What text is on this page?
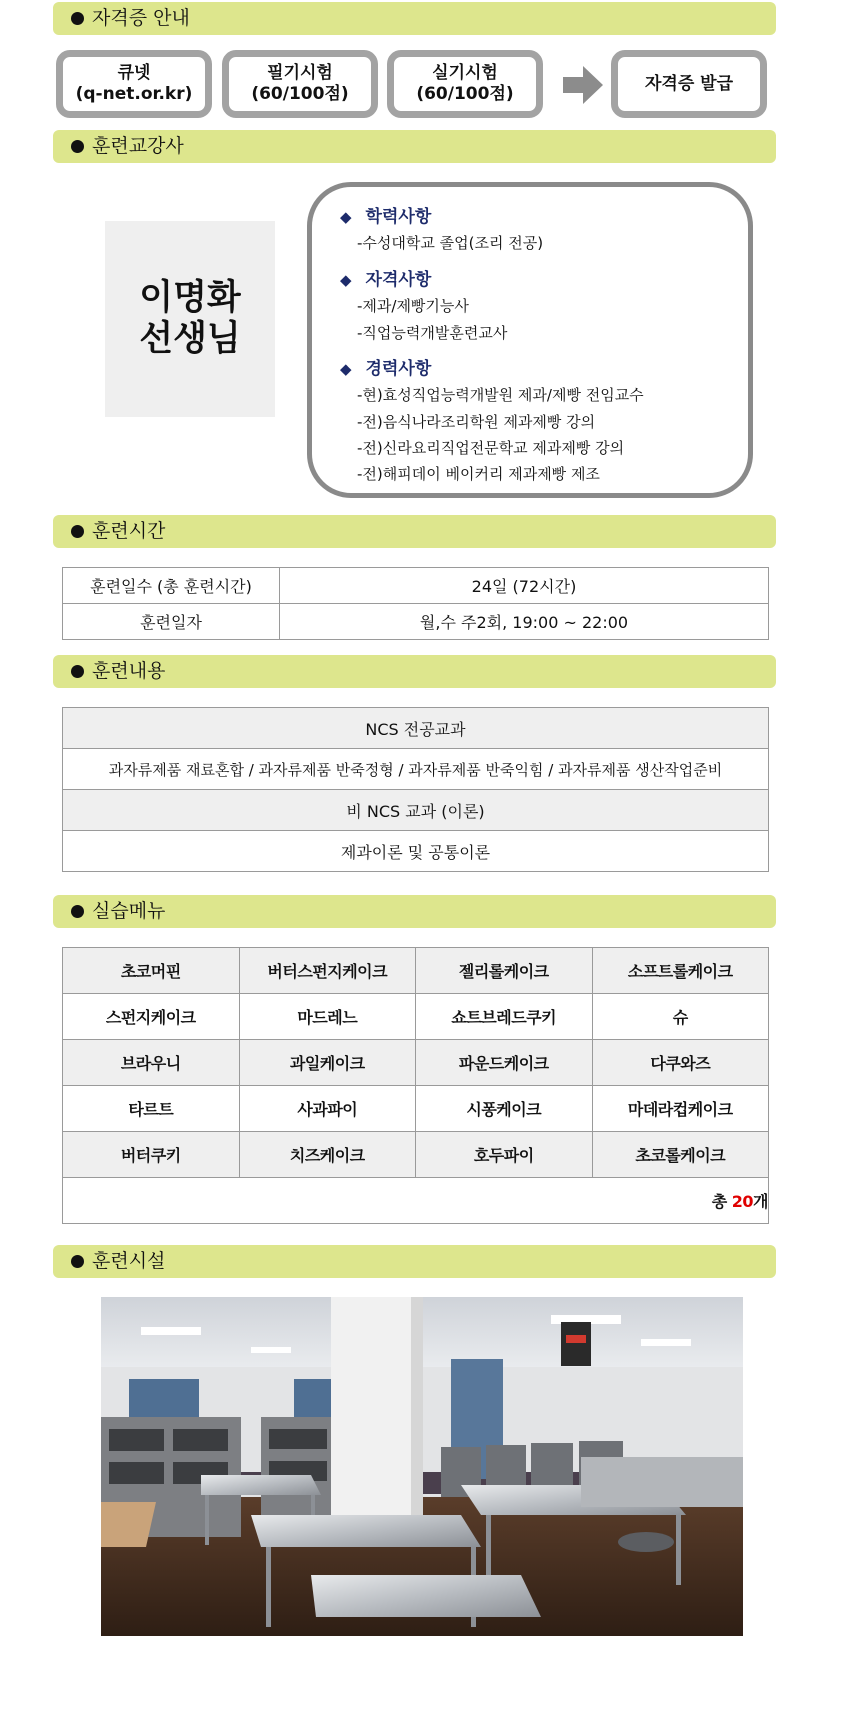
자격증 안내
큐넷
(q-net.or.kr)
필기시험
(60/100점)
실기시험
(60/100점)
자격증 발급
훈련교강사
이명화
선생님
◆ 학력사항
-수성대학교 졸업(조리 전공)
◆ 자격사항
-제과/제빵기능사
-직업능력개발훈련교사
◆ 경력사항
-현)효성직업능력개발원 제과/제빵 전임교수
-전)음식나라조리학원 제과제빵 강의
-전)신라요리직업전문학교 제과제빵 강의
-전)해피데이 베이커리 제과제빵 제조
훈련시간
훈련일수 (총 훈련시간)	24일 (72시간)
훈련일자	월,수 주2회, 19:00 ~ 22:00
훈련내용
NCS 전공교과
과자류제품 재료혼합 / 과자류제품 반죽정형 / 과자류제품 반죽익힘 / 과자류제품 생산작업준비
비 NCS 교과 (이론)
제과이론 및 공통이론
실습메뉴
초코머핀	버터스펀지케이크	젤리롤케이크	소프트롤케이크
스펀지케이크	마드레느	쇼트브레드쿠키	슈
브라우니	과일케이크	파운드케이크	다쿠와즈
타르트	사과파이	시퐁케이크	마데라컵케이크
버터쿠키	치즈케이크	호두파이	초코롤케이크
총 20개			
훈련시설
